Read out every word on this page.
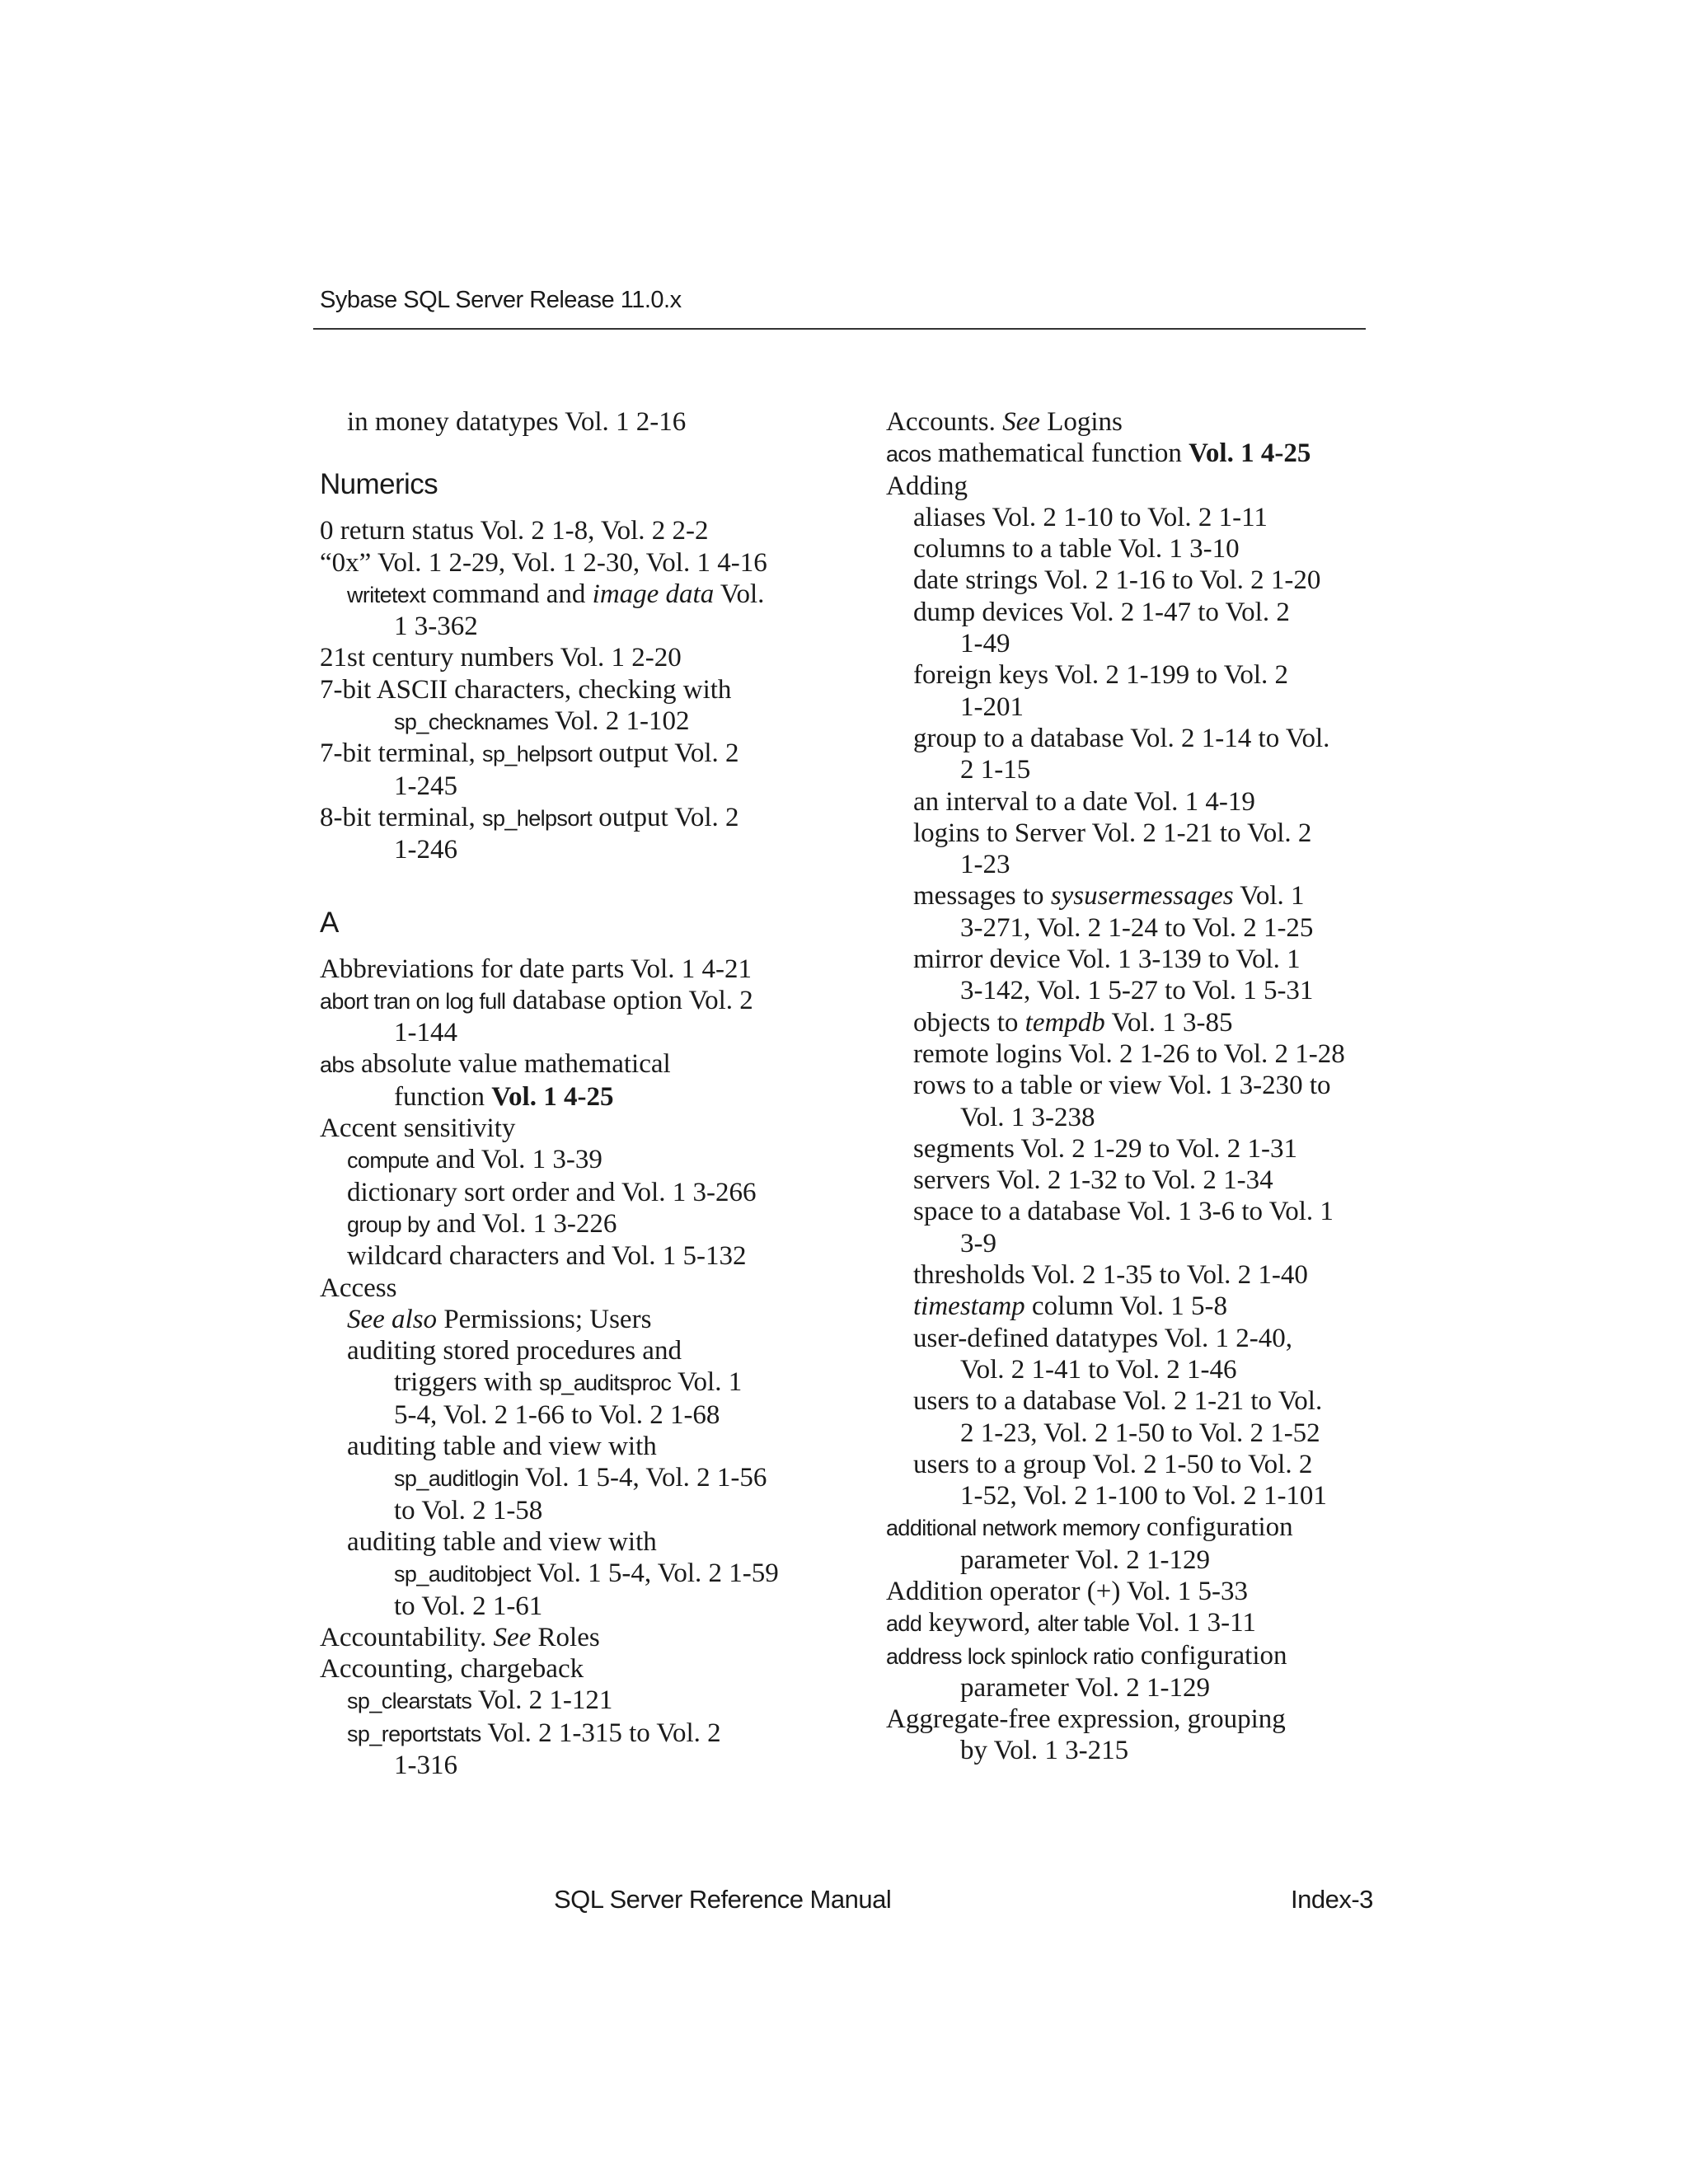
Sybase SQL Server Release 11.0.x
in money datatypes Vol. 1 2-16
Numerics
0 return status Vol. 2 1-8, Vol. 2 2-2
“0x” Vol. 1 2-29, Vol. 1 2-30, Vol. 1 4-16
writetext command and image data Vol.
1 3-362
21st century numbers Vol. 1 2-20
7-bit ASCII characters, checking with
sp_checknames Vol. 2 1-102
7-bit terminal, sp_helpsort output Vol. 2
1-245
8-bit terminal, sp_helpsort output Vol. 2
1-246
A
Abbreviations for date parts Vol. 1 4-21
abort tran on log full database option Vol. 2
1-144
abs absolute value mathematical
function Vol. 1 4-25
Accent sensitivity
compute and Vol. 1 3-39
dictionary sort order and Vol. 1 3-266
group by and Vol. 1 3-226
wildcard characters and Vol. 1 5-132
Access
See also Permissions; Users
auditing stored procedures and
triggers with sp_auditsproc Vol. 1
5-4, Vol. 2 1-66 to Vol. 2 1-68
auditing table and view with
sp_auditlogin Vol. 1 5-4, Vol. 2 1-56
to Vol. 2 1-58
auditing table and view with
sp_auditobject Vol. 1 5-4, Vol. 2 1-59
to Vol. 2 1-61
Accountability. See Roles
Accounting, chargeback
sp_clearstats Vol. 2 1-121
sp_reportstats Vol. 2 1-315 to Vol. 2
1-316
Accounts. See Logins
acos mathematical function Vol. 1 4-25
Adding
aliases Vol. 2 1-10 to Vol. 2 1-11
columns to a table Vol. 1 3-10
date strings Vol. 2 1-16 to Vol. 2 1-20
dump devices Vol. 2 1-47 to Vol. 2
1-49
foreign keys Vol. 2 1-199 to Vol. 2
1-201
group to a database Vol. 2 1-14 to Vol.
2 1-15
an interval to a date Vol. 1 4-19
logins to Server Vol. 2 1-21 to Vol. 2
1-23
messages to sysusermessages Vol. 1
3-271, Vol. 2 1-24 to Vol. 2 1-25
mirror device Vol. 1 3-139 to Vol. 1
3-142, Vol. 1 5-27 to Vol. 1 5-31
objects to tempdb Vol. 1 3-85
remote logins Vol. 2 1-26 to Vol. 2 1-28
rows to a table or view Vol. 1 3-230 to
Vol. 1 3-238
segments Vol. 2 1-29 to Vol. 2 1-31
servers Vol. 2 1-32 to Vol. 2 1-34
space to a database Vol. 1 3-6 to Vol. 1
3-9
thresholds Vol. 2 1-35 to Vol. 2 1-40
timestamp column Vol. 1 5-8
user-defined datatypes Vol. 1 2-40,
Vol. 2 1-41 to Vol. 2 1-46
users to a database Vol. 2 1-21 to Vol.
2 1-23, Vol. 2 1-50 to Vol. 2 1-52
users to a group Vol. 2 1-50 to Vol. 2
1-52, Vol. 2 1-100 to Vol. 2 1-101
additional network memory configuration
parameter Vol. 2 1-129
Addition operator (+) Vol. 1 5-33
add keyword, alter table Vol. 1 3-11
address lock spinlock ratio configuration
parameter Vol. 2 1-129
Aggregate-free expression, grouping
by Vol. 1 3-215
SQL Server Reference Manual	Index-3
